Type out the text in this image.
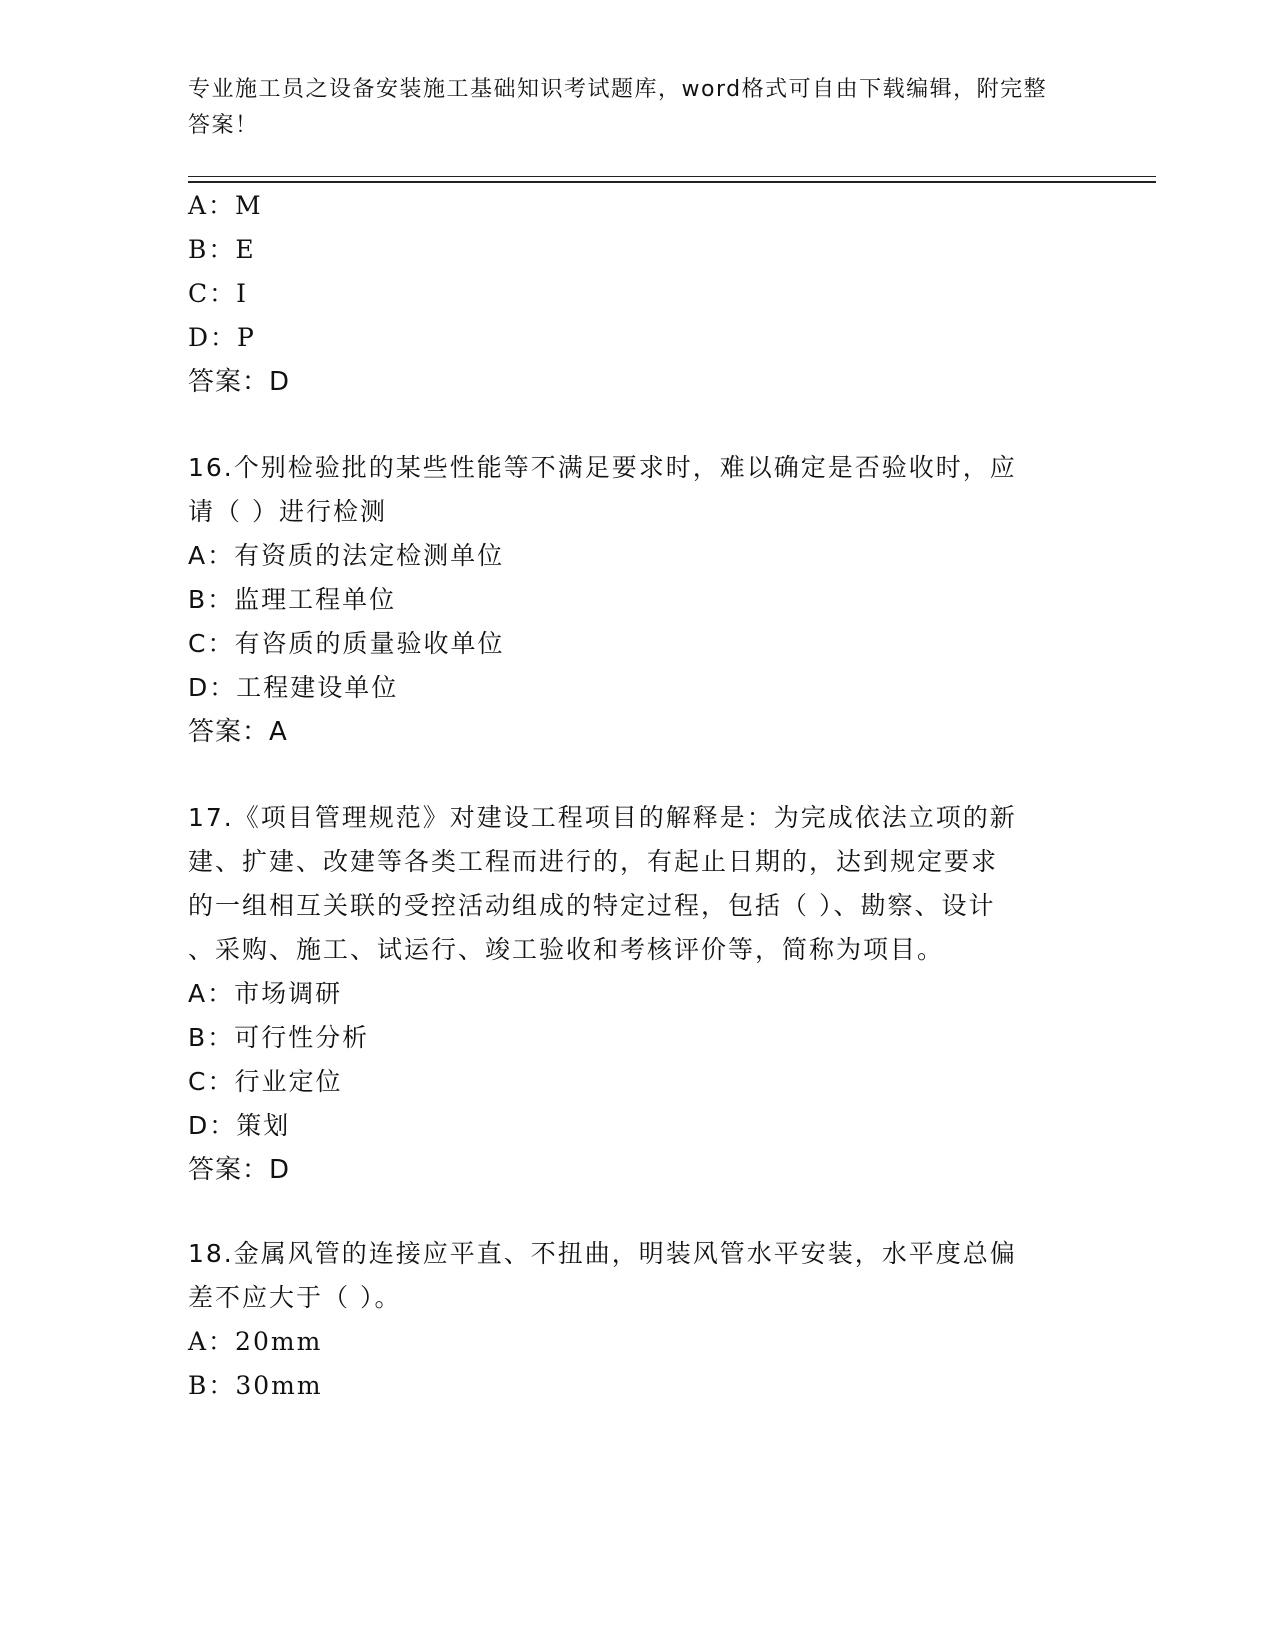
专业施工员之设备安装施工基础知识考试题库，word格式可自由下载编辑，附完整答案！
A：M
B：E
C：I
D：P
答案：D
16.个别检验批的某些性能等不满足要求时，难以确定是否验收时，应
请（ ）进行检测
A：有资质的法定检测单位
B：监理工程单位
C：有咨质的质量验收单位
D：工程建设单位
答案：A
17.《项目管理规范》对建设工程项目的解释是：为完成依法立项的新
建、扩建、改建等各类工程而进行的，有起止日期的，达到规定要求
的一组相互关联的受控活动组成的特定过程，包括（ ）、勘察、设计
、采购、施工、试运行、竣工验收和考核评价等，简称为项目。
A：市场调研
B：可行性分析
C：行业定位
D：策划
答案：D
18.金属风管的连接应平直、不扭曲，明装风管水平安装，水平度总偏
差不应大于（ ）。
A：20mm
B：30mm
